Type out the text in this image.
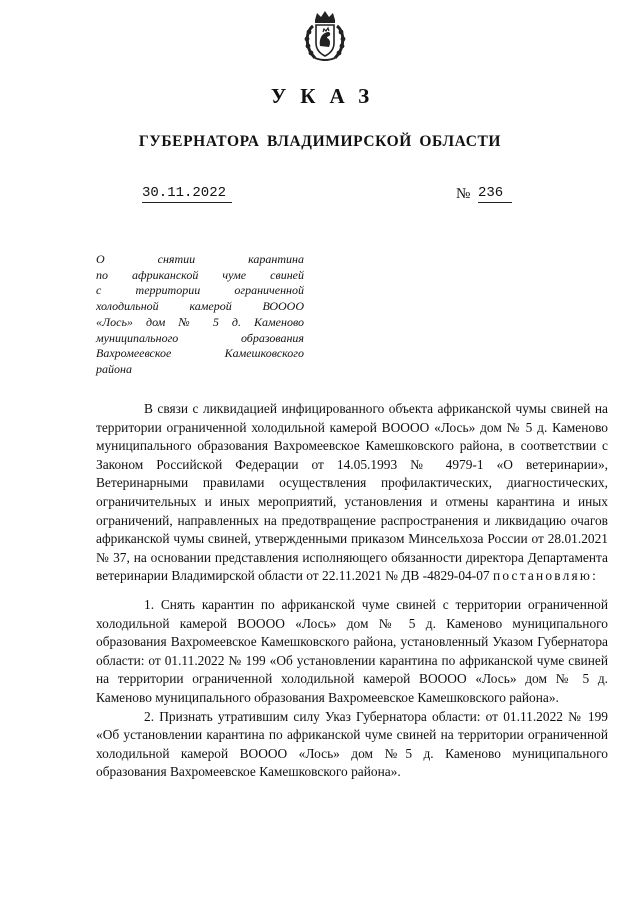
УКАЗ
ГУБЕРНАТОРА ВЛАДИМИРСКОЙ ОБЛАСТИ
30.11.2022	№ 236
О снятии карантина
по африканской чуме свиней
с территории ограниченной
холодильной камерой ВОООО
«Лось» дом № 5 д. Каменово
муниципального образования
Вахромеевское Камешковского
района

В связи с ликвидацией инфицированного объекта африканской чумы свиней на территории ограниченной холодильной камерой ВОООО «Лось» дом № 5 д. Каменово муниципального образования Вахромеевское Камешковского района, в соответствии с Законом Российской Федерации от 14.05.1993 № 4979-1 «О ветеринарии», Ветеринарными правилами осуществления профилактических, диагностических, ограничительных и иных мероприятий, установления и отмены карантина и иных ограничений, направленных на предотвращение распространения и ликвидацию очагов африканской чумы свиней, утвержденными приказом Минсельхоза России от 28.01.2021 № 37, на основании представления исполняющего обязанности директора Департамента ветеринарии Владимирской области от 22.11.2021 № ДВ -4829-04-07 постановляю:

1. Снять карантин по африканской чуме свиней с территории ограниченной холодильной камерой ВОООО «Лось» дом № 5 д. Каменово муниципального образования Вахромеевское Камешковского района, установленный Указом Губернатора области: от 01.11.2022 № 199 «Об установлении карантина по африканской чуме свиней на территории ограниченной холодильной камерой ВОООО «Лось» дом № 5 д. Каменово муниципального образования Вахромеевское Камешковского района».

2. Признать утратившим силу Указ Губернатора области: от 01.11.2022 № 199 «Об установлении карантина по африканской чуме свиней на территории ограниченной холодильной камерой ВОООО «Лось» дом №5 д. Каменово муниципального образования Вахромеевское Камешковского района».
